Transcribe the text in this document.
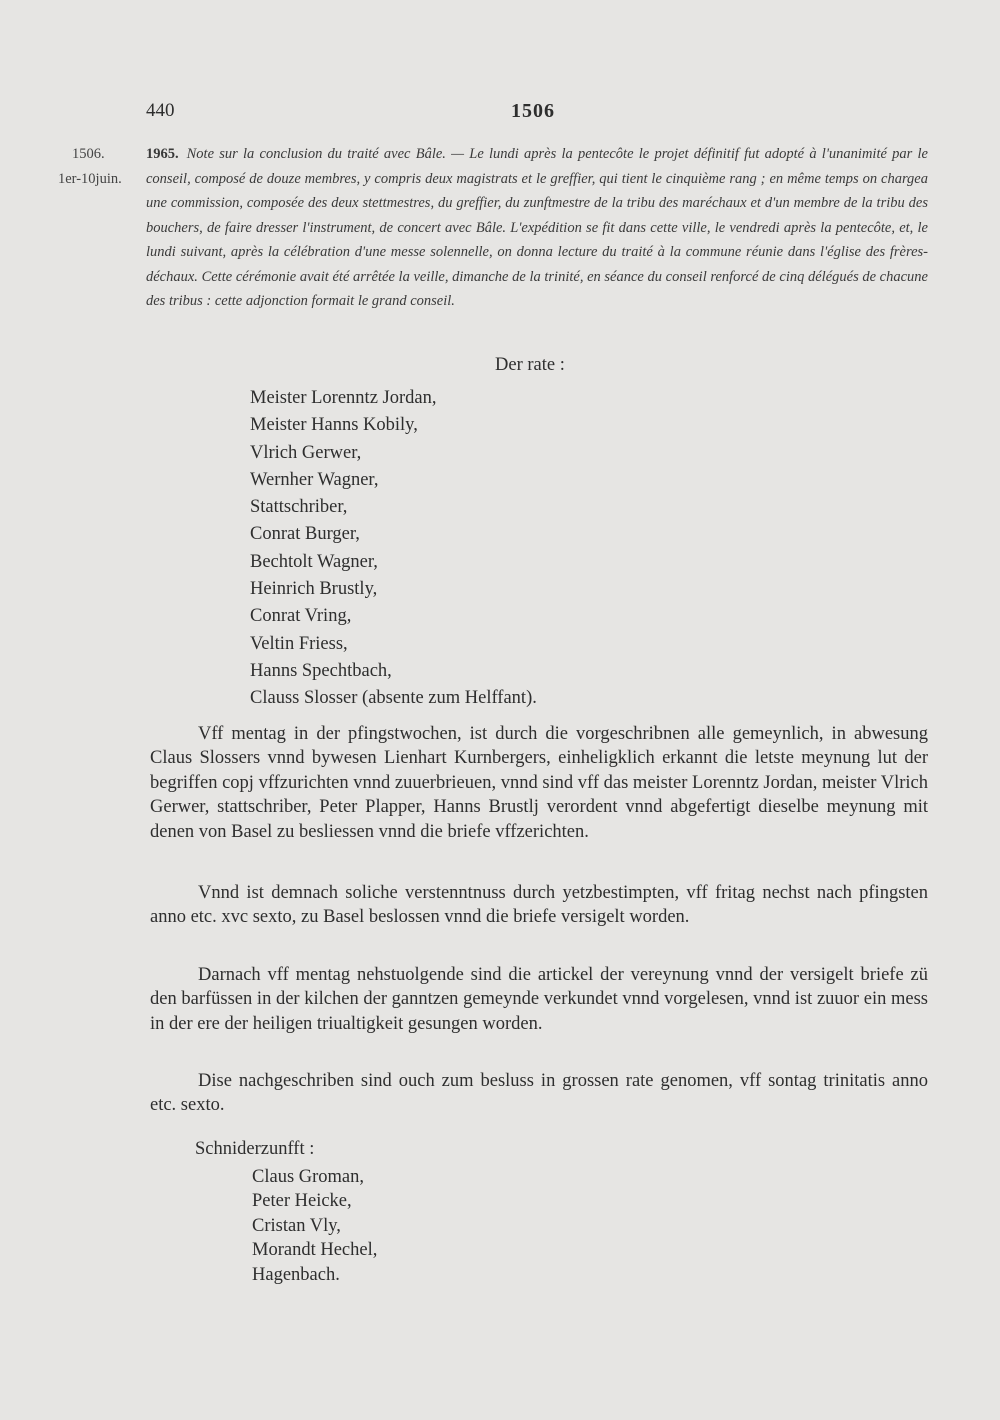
440	1506
1506.
1er-10juin.
1965. Note sur la conclusion du traité avec Bâle. — Le lundi après la pentecôte le projet définitif fut adopté à l'unanimité par le conseil, composé de douze membres, y compris deux magistrats et le greffier, qui tient le cinquième rang ; en même temps on chargea une commission, composée des deux stettmestres, du greffier, du zunftmestre de la tribu des maréchaux et d'un membre de la tribu des bouchers, de faire dresser l'instrument, de concert avec Bâle. L'expédition se fit dans cette ville, le vendredi après la pentecôte, et, le lundi suivant, après la célébration d'une messe solennelle, on donna lecture du traité à la commune réunie dans l'église des frères-déchaux. Cette cérémonie avait été arrêtée la veille, dimanche de la trinité, en séance du conseil renforcé de cinq délégués de chacune des tribus : cette adjonction formait le grand conseil.
Der rate :
Meister Lorenntz Jordan,
Meister Hanns Kobily,
Vlrich Gerwer,
Wernher Wagner,
Stattschriber,
Conrat Burger,
Bechtolt Wagner,
Heinrich Brustly,
Conrat Vring,
Veltin Friess,
Hanns Spechtbach,
Clauss Slosser (absente zum Helffant).

Vff mentag in der pfingstwochen, ist durch die vorgeschribnen alle gemeynlich, in abwesung Claus Slossers vnnd bywesen Lienhart Kurnbergers, einheligklich erkannt die letste meynung lut der begriffen copj vffzurichten vnnd zuuerbrieuen, vnnd sind vff das meister Lorenntz Jordan, meister Vlrich Gerwer, stattschriber, Peter Plapper, Hanns Brustlj verordent vnnd abgefertigt dieselbe meynung mit denen von Basel zu besliessen vnnd die briefe vffzerichten.

Vnnd ist demnach soliche verstenntnuss durch yetzbestimpten, vff fritag nechst nach pfingsten anno etc. xvc sexto, zu Basel beslossen vnnd die briefe versigelt worden.

Darnach vff mentag nehstuolgende sind die artickel der vereynung vnnd der versigelt briefe zü den barfüssen in der kilchen der ganntzen gemeynde verkundet vnnd vorgelesen, vnnd ist zuuor ein mess in der ere der heiligen triualtigkeit gesungen worden.

Dise nachgeschriben sind ouch zum besluss in grossen rate genomen, vff sontag trinitatis anno etc. sexto.

Schniderzunfft :
Claus Groman,
Peter Heicke,
Cristan Vly,
Morandt Hechel,
Hagenbach.
